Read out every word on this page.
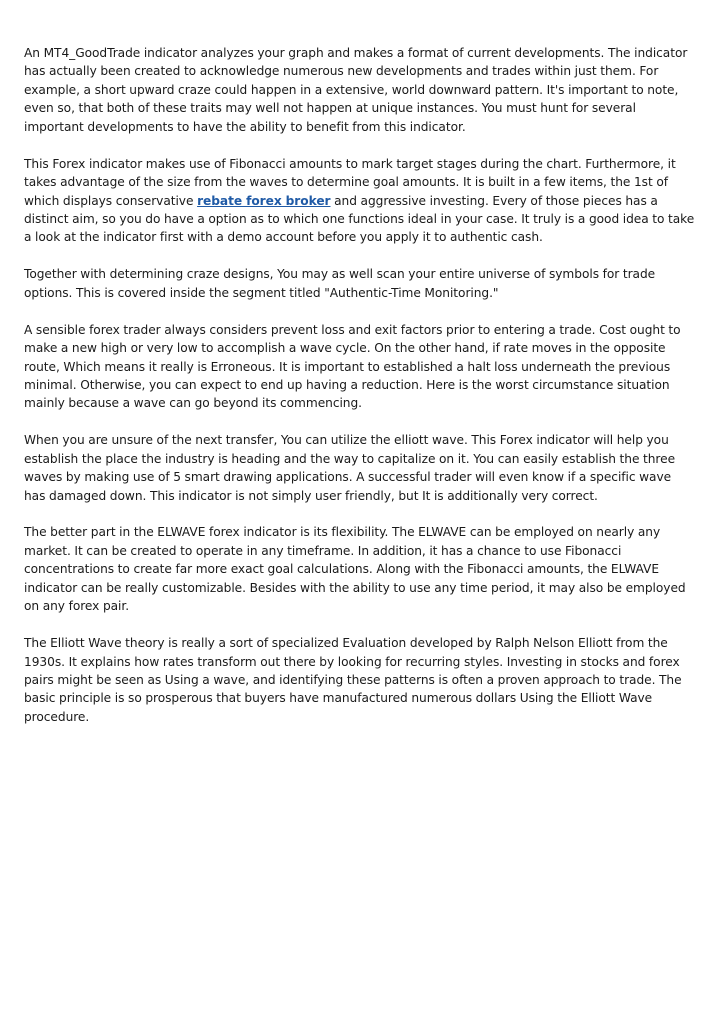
An MT4_GoodTrade indicator analyzes your graph and makes a format of current developments. The indicator has actually been created to acknowledge numerous new developments and trades within just them. For example, a short upward craze could happen in a extensive, world downward pattern. It's important to note, even so, that both of these traits may well not happen at unique instances. You must hunt for several important developments to have the ability to benefit from this indicator.

This Forex indicator makes use of Fibonacci amounts to mark target stages during the chart. Furthermore, it takes advantage of the size from the waves to determine goal amounts. It is built in a few items, the 1st of which displays conservative rebate forex broker and aggressive investing. Every of those pieces has a distinct aim, so you do have a option as to which one functions ideal in your case. It truly is a good idea to take a look at the indicator first with a demo account before you apply it to authentic cash.

Together with determining craze designs, You may as well scan your entire universe of symbols for trade options. This is covered inside the segment titled "Authentic-Time Monitoring."

A sensible forex trader always considers prevent loss and exit factors prior to entering a trade. Cost ought to make a new high or very low to accomplish a wave cycle. On the other hand, if rate moves in the opposite route, Which means it really is Erroneous. It is important to established a halt loss underneath the previous minimal. Otherwise, you can expect to end up having a reduction. Here is the worst circumstance situation mainly because a wave can go beyond its commencing.

When you are unsure of the next transfer, You can utilize the elliott wave. This Forex indicator will help you establish the place the industry is heading and the way to capitalize on it. You can easily establish the three waves by making use of 5 smart drawing applications. A successful trader will even know if a specific wave has damaged down. This indicator is not simply user friendly, but It is additionally very correct.

The better part in the ELWAVE forex indicator is its flexibility. The ELWAVE can be employed on nearly any market. It can be created to operate in any timeframe. In addition, it has a chance to use Fibonacci concentrations to create far more exact goal calculations. Along with the Fibonacci amounts, the ELWAVE indicator can be really customizable. Besides with the ability to use any time period, it may also be employed on any forex pair.

The Elliott Wave theory is really a sort of specialized Evaluation developed by Ralph Nelson Elliott from the 1930s. It explains how rates transform out there by looking for recurring styles. Investing in stocks and forex pairs might be seen as Using a wave, and identifying these patterns is often a proven approach to trade. The basic principle is so prosperous that buyers have manufactured numerous dollars Using the Elliott Wave procedure.
